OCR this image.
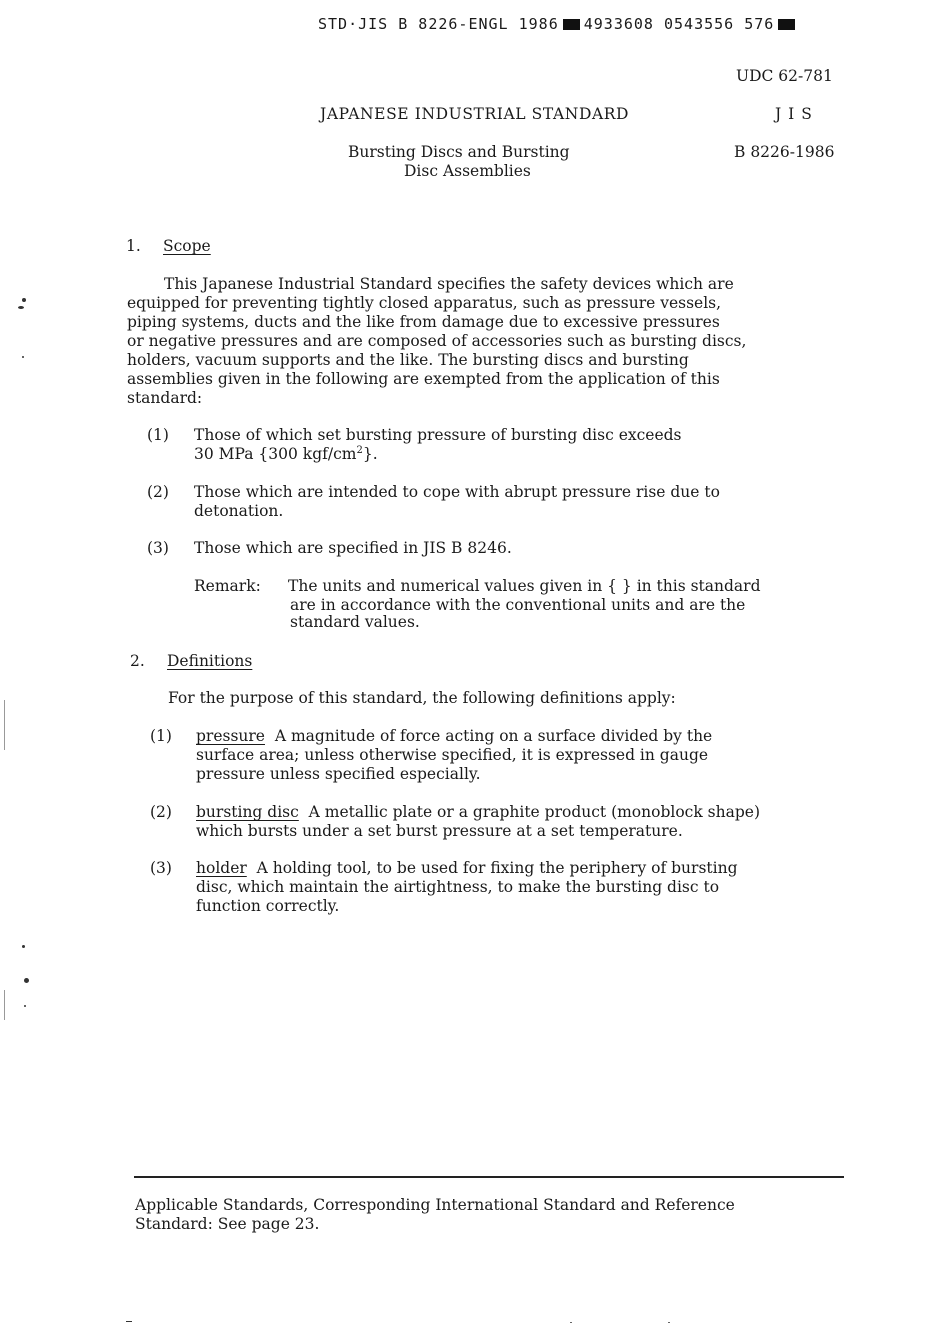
STD·JIS B 8226-ENGL 1986 4933608 0543556 576
UDC 62-781
JAPANESE INDUSTRIAL STANDARD	J I S
Bursting Discs and Bursting
Disc Assemblies
B 8226-1986
1. Scope
This Japanese Industrial Standard specifies the safety devices which are
equipped for preventing tightly closed apparatus, such as pressure vessels,
piping systems, ducts and the like from damage due to excessive pressures
or negative pressures and are composed of accessories such as bursting discs,
holders, vacuum supports and the like. The bursting discs and bursting
assemblies given in the following are exempted from the application of this
standard:
(1) Those of which set bursting pressure of bursting disc exceeds
30 MPa {300 kgf/$cm^2$}.
(2) Those which are intended to cope with abrupt pressure rise due to
detonation.
(3) Those which are specified in JIS B 8246.
Remark: The units and numerical values given in { } in this standard
are in accordance with the conventional units and are the
standard values.
2. Definitions
For the purpose of this standard, the following definitions apply:
(1) pressure A magnitude of force acting on a surface divided by the
surface area; unless otherwise specified, it is expressed in gauge
pressure unless specified especially.
(2) bursting disc A metallic plate or a graphite product (monoblock shape)
which bursts under a set burst pressure at a set temperature.
(3) holder A holding tool, to be used for fixing the periphery of bursting
disc, which maintain the airtightness, to make the bursting disc to
function correctly.
Applicable Standards, Corresponding International Standard and Reference
Standard: See page 23.
